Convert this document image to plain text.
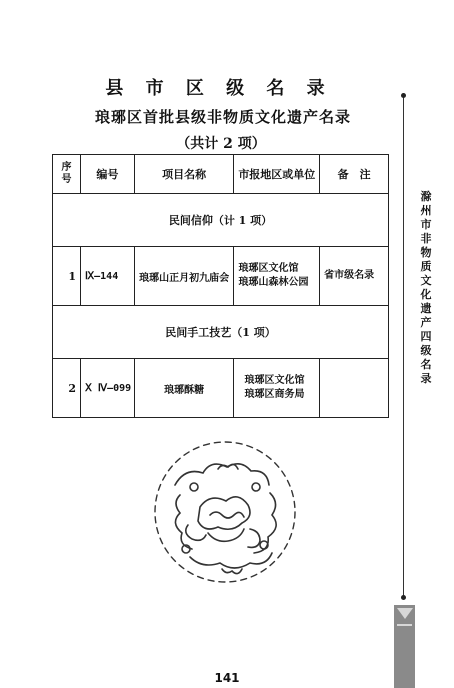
县 市 区 级 名 录
琅琊区首批县级非物质文化遗产名录
（共计 2 项）
序号	编号	项目名称	市报地区或单位	备　注
民间信仰（计 1 项）				
1	Ⅸ—144	琅琊山正月初九庙会	琅琊区文化馆
琅琊山森林公园	省市级名录
民间手工技艺（1 项）				
2	Ⅹ Ⅳ—099	琅琊酥糖	琅琊区文化馆
琅琊区商务局	

滁州市非物质文化遗产　四级名录
141
